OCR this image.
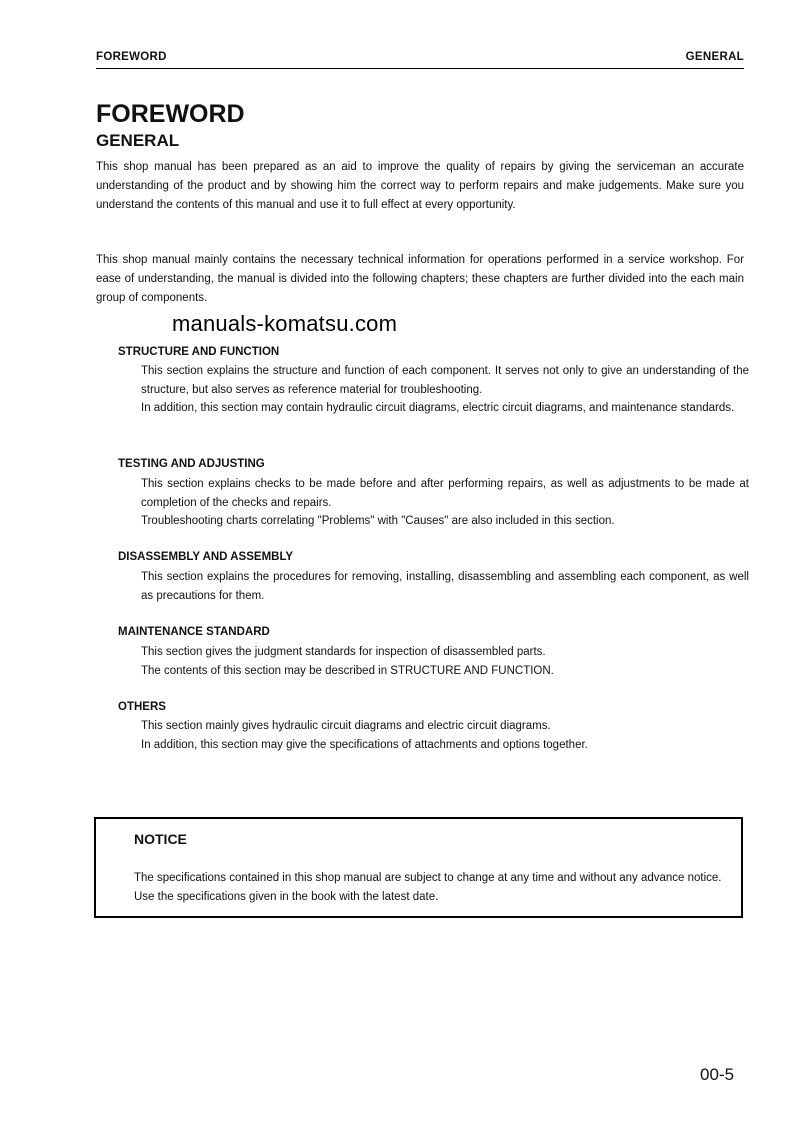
FOREWORD	GENERAL
FOREWORD
GENERAL
This shop manual has been prepared as an aid to improve the quality of repairs by giving the serviceman an accurate understanding of the product and by showing him the correct way to perform repairs and make judgements. Make sure you understand the contents of this manual and use it to full effect at every opportunity.
This shop manual mainly contains the necessary technical information for operations performed in a service workshop. For ease of understanding, the manual is divided into the following chapters; these chapters are further divided into the each main group of components.
manuals-komatsu.com
STRUCTURE AND FUNCTION

This section explains the structure and function of each component. It serves not only to give an understanding of the structure, but also serves as reference material for troubleshooting.

In addition, this section may contain hydraulic circuit diagrams, electric circuit diagrams, and maintenance standards.

TESTING AND ADJUSTING

This section explains checks to be made before and after performing repairs, as well as adjustments to be made at completion of the checks and repairs.

Troubleshooting charts correlating "Problems" with "Causes" are also included in this section.

DISASSEMBLY AND ASSEMBLY

This section explains the procedures for removing, installing, disassembling and assembling each component, as well as precautions for them.

MAINTENANCE STANDARD

This section gives the judgment standards for inspection of disassembled parts.

The contents of this section may be described in STRUCTURE AND FUNCTION.

OTHERS

This section mainly gives hydraulic circuit diagrams and electric circuit diagrams.

In addition, this section may give the specifications of attachments and options together.

NOTICE
The specifications contained in this shop manual are subject to change at any time and without any advance notice. Use the specifications given in the book with the latest date.
00-5
